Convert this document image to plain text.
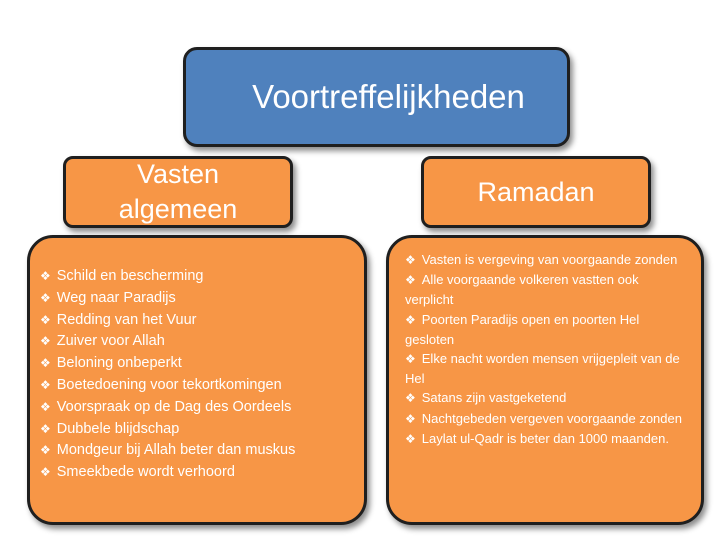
Voortreffelijkheden
Vasten algemeen
Ramadan
❖ Schild en bescherming
❖ Weg naar Paradijs
❖ Redding van het Vuur
❖ Zuiver voor Allah
❖ Beloning onbeperkt
❖ Boetedoening voor tekortkomingen
❖ Voorspraak op de Dag des Oordeels
❖ Dubbele blijdschap
❖ Mondgeur bij Allah beter dan muskus
❖ Smeekbede wordt verhoord
❖ Vasten is vergeving van voorgaande zonden
❖ Alle voorgaande volkeren vastten ook verplicht
❖ Poorten Paradijs open en poorten Hel gesloten
❖ Elke nacht worden mensen vrijgepleit van de Hel
❖ Satans zijn vastgeketend
❖ Nachtgebeden vergeven voorgaande zonden
❖ Laylat ul-Qadr is beter dan 1000 maanden.
